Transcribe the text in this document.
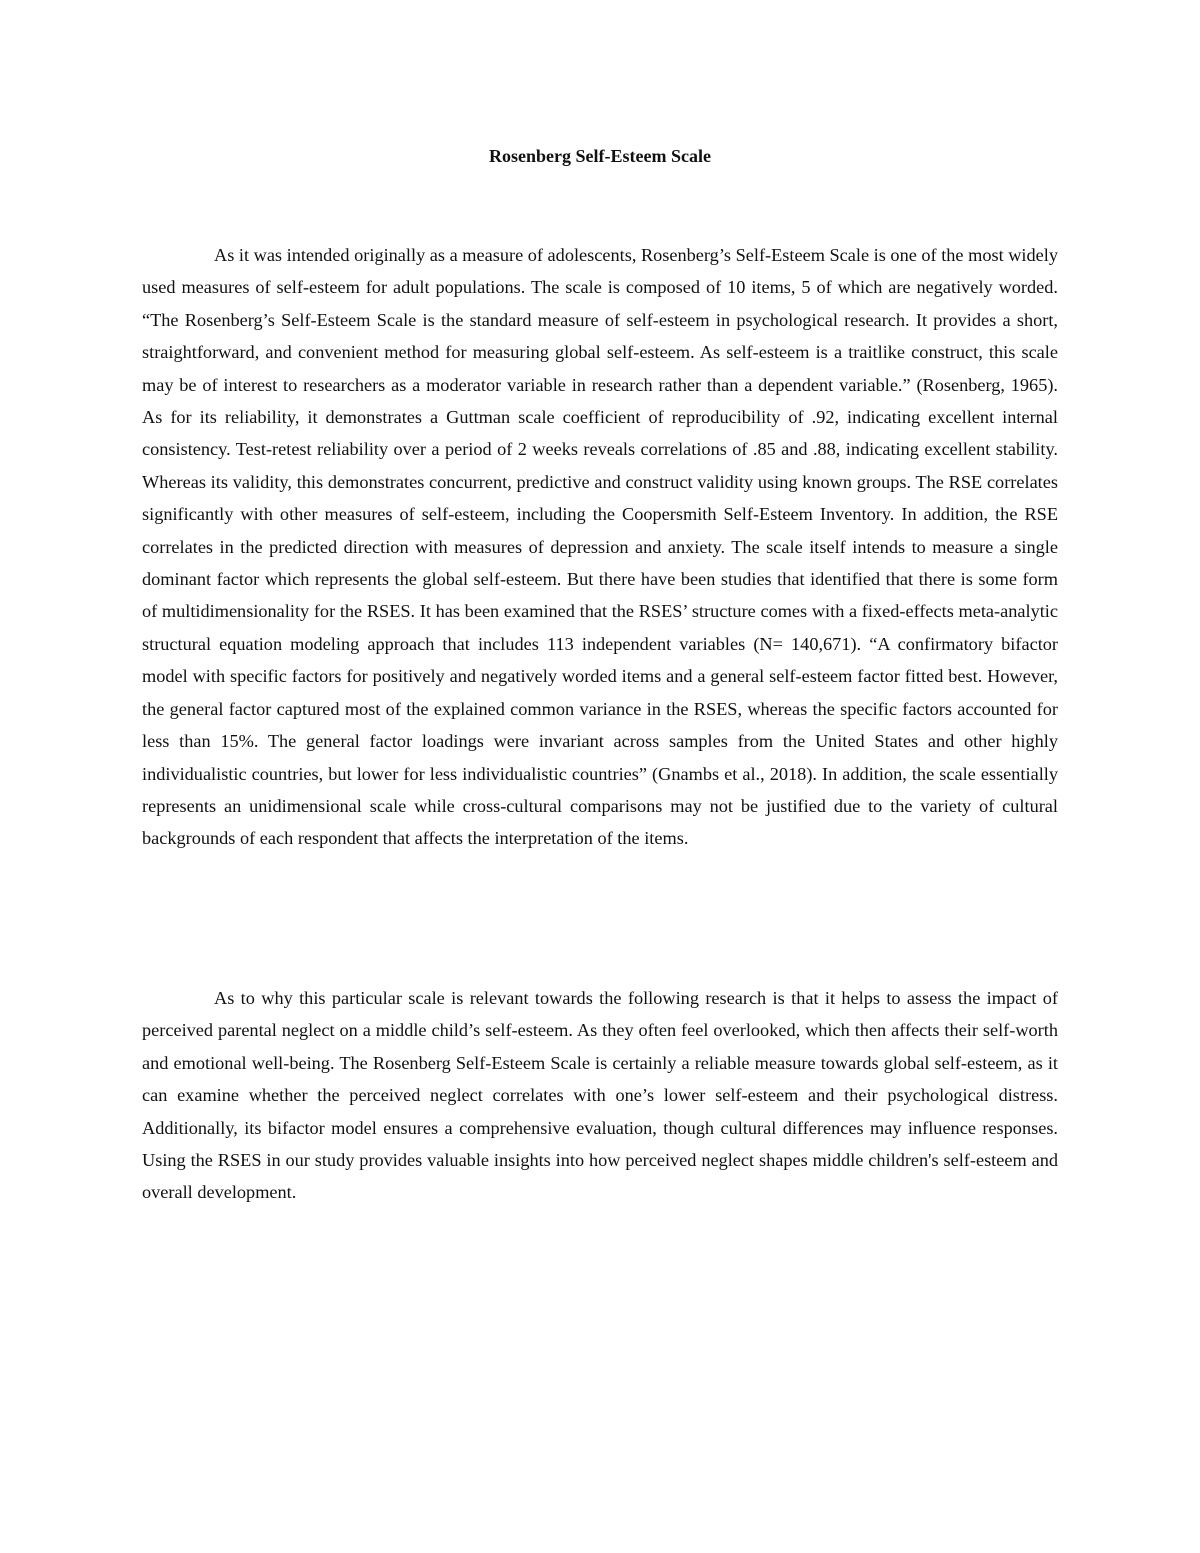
Rosenberg Self-Esteem Scale

As it was intended originally as a measure of adolescents, Rosenberg’s Self-Esteem Scale is one of the most widely used measures of self-esteem for adult populations. The scale is composed of 10 items, 5 of which are negatively worded. “The Rosenberg’s Self-Esteem Scale is the standard measure of self-esteem in psychological research. It provides a short, straightforward, and convenient method for measuring global self-esteem. As self-esteem is a traitlike construct, this scale may be of interest to researchers as a moderator variable in research rather than a dependent variable.” (Rosenberg, 1965). As for its reliability, it demonstrates a Guttman scale coefficient of reproducibility of .92, indicating excellent internal consistency. Test-retest reliability over a period of 2 weeks reveals correlations of .85 and .88, indicating excellent stability. Whereas its validity, this demonstrates concurrent, predictive and construct validity using known groups. The RSE correlates significantly with other measures of self-esteem, including the Coopersmith Self-Esteem Inventory. In addition, the RSE correlates in the predicted direction with measures of depression and anxiety. The scale itself intends to measure a single dominant factor which represents the global self-esteem. But there have been studies that identified that there is some form of multidimensionality for the RSES. It has been examined that the RSES’ structure comes with a fixed-effects meta-analytic structural equation modeling approach that includes 113 independent variables (N= 140,671). “A confirmatory bifactor model with specific factors for positively and negatively worded items and a general self-esteem factor fitted best. However, the general factor captured most of the explained common variance in the RSES, whereas the specific factors accounted for less than 15%. The general factor loadings were invariant across samples from the United States and other highly individualistic countries, but lower for less individualistic countries” (Gnambs et al., 2018). In addition, the scale essentially represents an unidimensional scale while cross-cultural comparisons may not be justified due to the variety of cultural backgrounds of each respondent that affects the interpretation of the items.

As to why this particular scale is relevant towards the following research is that it helps to assess the impact of perceived parental neglect on a middle child’s self-esteem. As they often feel overlooked, which then affects their self-worth and emotional well-being. The Rosenberg Self-Esteem Scale is certainly a reliable measure towards global self-esteem, as it can examine whether the perceived neglect correlates with one’s lower self-esteem and their psychological distress. Additionally, its bifactor model ensures a comprehensive evaluation, though cultural differences may influence responses. Using the RSES in our study provides valuable insights into how perceived neglect shapes middle children's self-esteem and overall development.
